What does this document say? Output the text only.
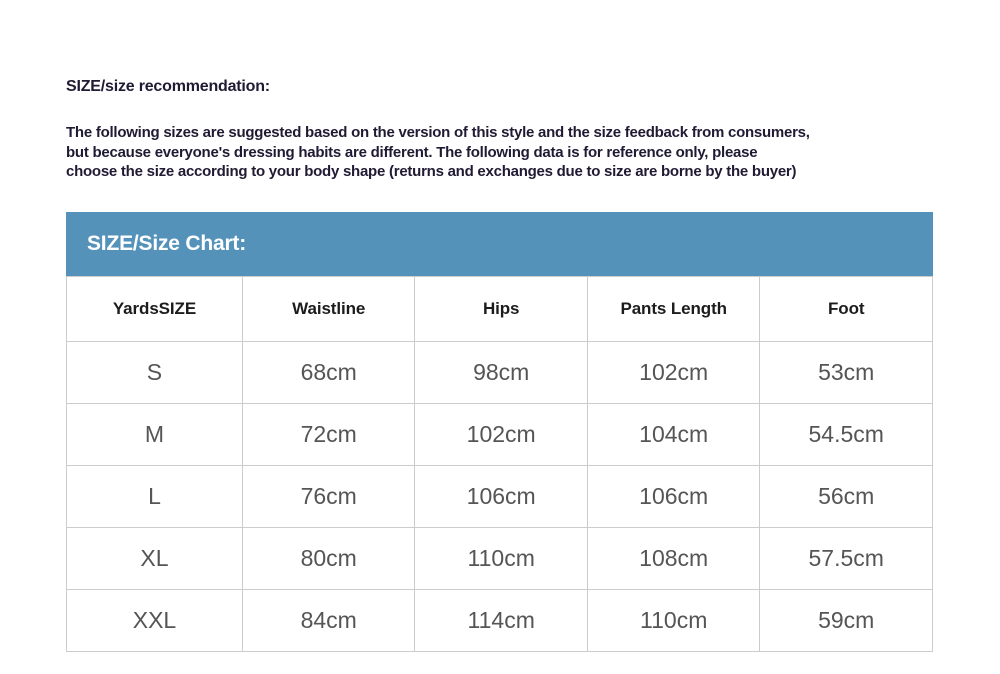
SIZE/size recommendation:
The following sizes are suggested based on the version of this style and the size feedback from consumers,
but because everyone's dressing habits are different. The following data is for reference only, please
choose the size according to your body shape (returns and exchanges due to size are borne by the buyer)
SIZE/Size Chart:
YardsSIZE	Waistline	Hips	Pants Length	Foot
S	68cm	98cm	102cm	53cm
M	72cm	102cm	104cm	54.5cm
L	76cm	106cm	106cm	56cm
XL	80cm	110cm	108cm	57.5cm
XXL	84cm	114cm	110cm	59cm
